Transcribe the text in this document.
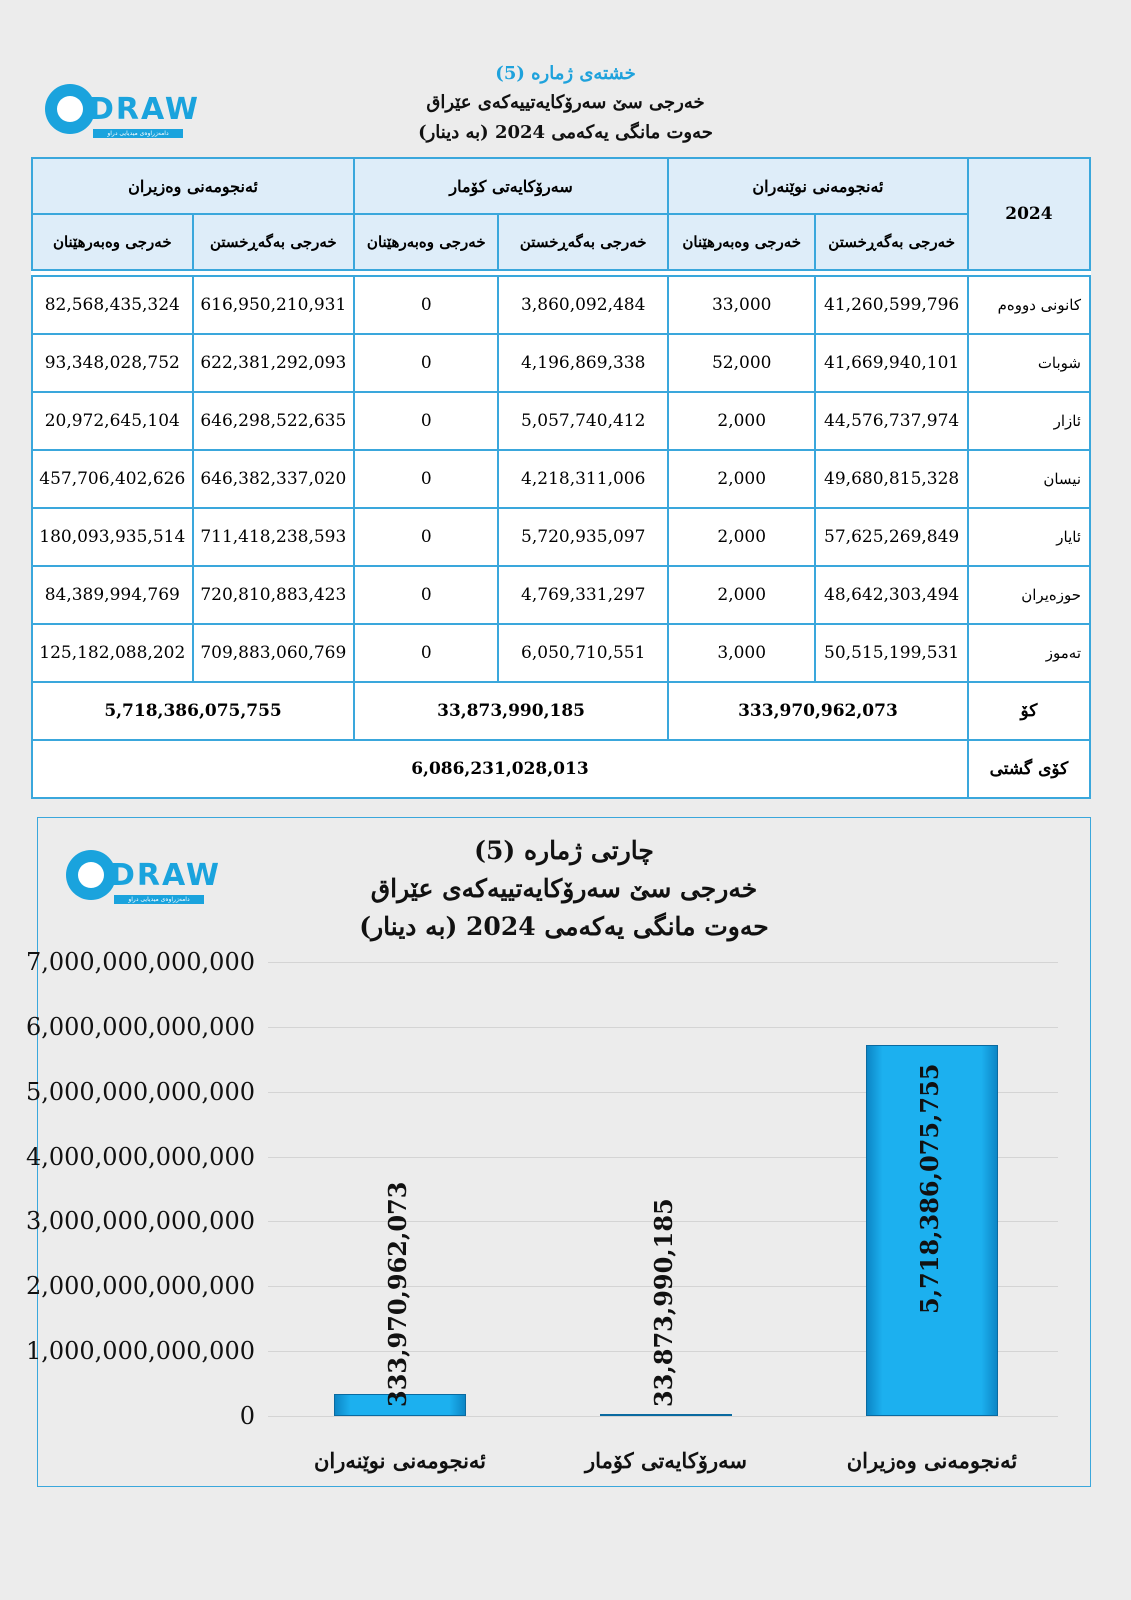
DRAW
دامەزراوەی میدیایی دراو
خشتەی ژمارە (5)
خەرجی سێ سەرۆکایەتییەکەی عێراق
حەوت مانگی یەکەمی 2024 (بە دینار)
2024	ئەنجومەنی نوێنەران		سەرۆکایەتی کۆمار		ئەنجومەنی وەزیران	
	خەرجی بەگەڕخستن	خەرجی وەبەرهێنان	خەرجی بەگەڕخستن	خەرجی وەبەرهێنان	خەرجی بەگەڕخستن	خەرجی وەبەرهێنان

کانونی دووەم	41,260,599,796	33,000	3,860,092,484	0	616,950,210,931	82,568,435,324
شوبات	41,669,940,101	52,000	4,196,869,338	0	622,381,292,093	93,348,028,752
ئازار	44,576,737,974	2,000	5,057,740,412	0	646,298,522,635	20,972,645,104
نیسان	49,680,815,328	2,000	4,218,311,006	0	646,382,337,020	457,706,402,626
ئایار	57,625,269,849	2,000	5,720,935,097	0	711,418,238,593	180,093,935,514
حوزەیران	48,642,303,494	2,000	4,769,331,297	0	720,810,883,423	84,389,994,769
تەموز	50,515,199,531	3,000	6,050,710,551	0	709,883,060,769	125,182,088,202
کۆ	333,970,962,073		33,873,990,185		5,718,386,075,755	
کۆی گشتی	6,086,231,028,013					
DRAW
دامەزراوەی میدیایی دراو
چارتی ژمارە (5)
خەرجی سێ سەرۆکایەتییەکەی عێراق
حەوت مانگی یەکەمی 2024 (بە دینار)
0
1,000,000,000,000
2,000,000,000,000
3,000,000,000,000
4,000,000,000,000
5,000,000,000,000
6,000,000,000,000
7,000,000,000,000
333,970,962,073
ئەنجومەنی نوێنەران
33,873,990,185
سەرۆکایەتی کۆمار
5,718,386,075,755
ئەنجومەنی وەزیران
